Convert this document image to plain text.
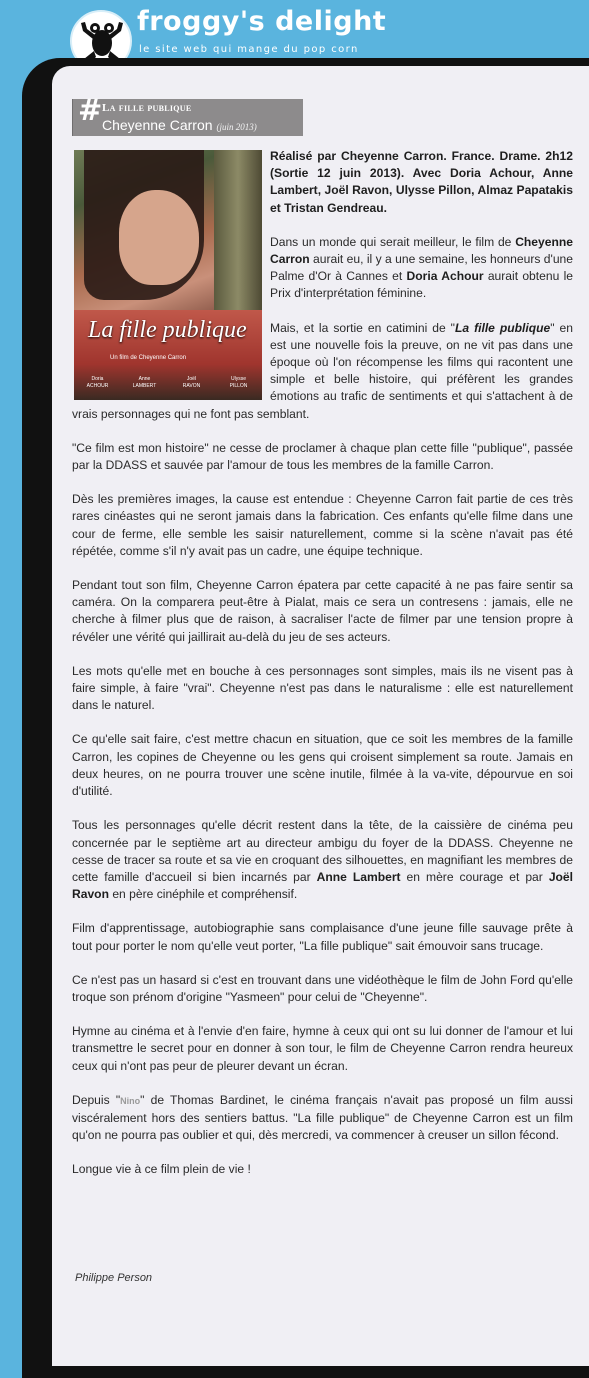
froggy's delight
le site web qui mange du pop corn
# La fille publique
Cheyenne Carron (juin 2013)
La fille publique
Un film de Cheyenne Carron
Doria
ACHOUR
Anne
LAMBERT
Joël
RAVON
Ulysse
PILLON

Réalisé par Cheyenne Carron. France. Drame. 2h12 (Sortie 12 juin 2013). Avec Doria Achour, Anne Lambert, Joël Ravon, Ulysse Pillon, Almaz Papatakis et Tristan Gendreau.

Dans un monde qui serait meilleur, le film de Cheyenne Carron aurait eu, il y a une semaine, les honneurs d'une Palme d'Or à Cannes et Doria Achour aurait obtenu le Prix d'interprétation féminine.

Mais, et la sortie en catimini de "La fille publique" en est une nouvelle fois la preuve, on ne vit pas dans une époque où l'on récompense les films qui racontent une simple et belle histoire, qui préfèrent les grandes émotions au trafic de sentiments et qui s'attachent à de vrais personnages qui ne font pas semblant.

"Ce film est mon histoire" ne cesse de proclamer à chaque plan cette fille "publique", passée par la DDASS et sauvée par l'amour de tous les membres de la famille Carron.

Dès les premières images, la cause est entendue : Cheyenne Carron fait partie de ces très rares cinéastes qui ne seront jamais dans la fabrication. Ces enfants qu'elle filme dans une cour de ferme, elle semble les saisir naturellement, comme si la scène n'avait pas été répétée, comme s'il n'y avait pas un cadre, une équipe technique.

Pendant tout son film, Cheyenne Carron épatera par cette capacité à ne pas faire sentir sa caméra. On la comparera peut-être à Pialat, mais ce sera un contresens : jamais, elle ne cherche à filmer plus que de raison, à sacraliser l'acte de filmer par une tension propre à révéler une vérité qui jaillirait au-delà du jeu de ses acteurs.

Les mots qu'elle met en bouche à ces personnages sont simples, mais ils ne visent pas à faire simple, à faire "vrai". Cheyenne n'est pas dans le naturalisme : elle est naturellement dans le naturel.

Ce qu'elle sait faire, c'est mettre chacun en situation, que ce soit les membres de la famille Carron, les copines de Cheyenne ou les gens qui croisent simplement sa route. Jamais en deux heures, on ne pourra trouver une scène inutile, filmée à la va-vite, dépourvue en soi d'utilité.

Tous les personnages qu'elle décrit restent dans la tête, de la caissière de cinéma peu concernée par le septième art au directeur ambigu du foyer de la DDASS. Cheyenne ne cesse de tracer sa route et sa vie en croquant des silhouettes, en magnifiant les membres de cette famille d'accueil si bien incarnés par Anne Lambert en mère courage et par Joël Ravon en père cinéphile et compréhensif.

Film d'apprentissage, autobiographie sans complaisance d'une jeune fille sauvage prête à tout pour porter le nom qu'elle veut porter, "La fille publique" sait émouvoir sans trucage.

Ce n'est pas un hasard si c'est en trouvant dans une vidéothèque le film de John Ford qu'elle troque son prénom d'origine "Yasmeen" pour celui de "Cheyenne".

Hymne au cinéma et à l'envie d'en faire, hymne à ceux qui ont su lui donner de l'amour et lui transmettre le secret pour en donner à son tour, le film de Cheyenne Carron rendra heureux ceux qui n'ont pas peur de pleurer devant un écran.

Depuis "Nino" de Thomas Bardinet, le cinéma français n'avait pas proposé un film aussi viscéralement hors des sentiers battus. "La fille publique" de Cheyenne Carron est un film qu'on ne pourra pas oublier et qui, dès mercredi, va commencer à creuser un sillon fécond.

Longue vie à ce film plein de vie !

Philippe Person
